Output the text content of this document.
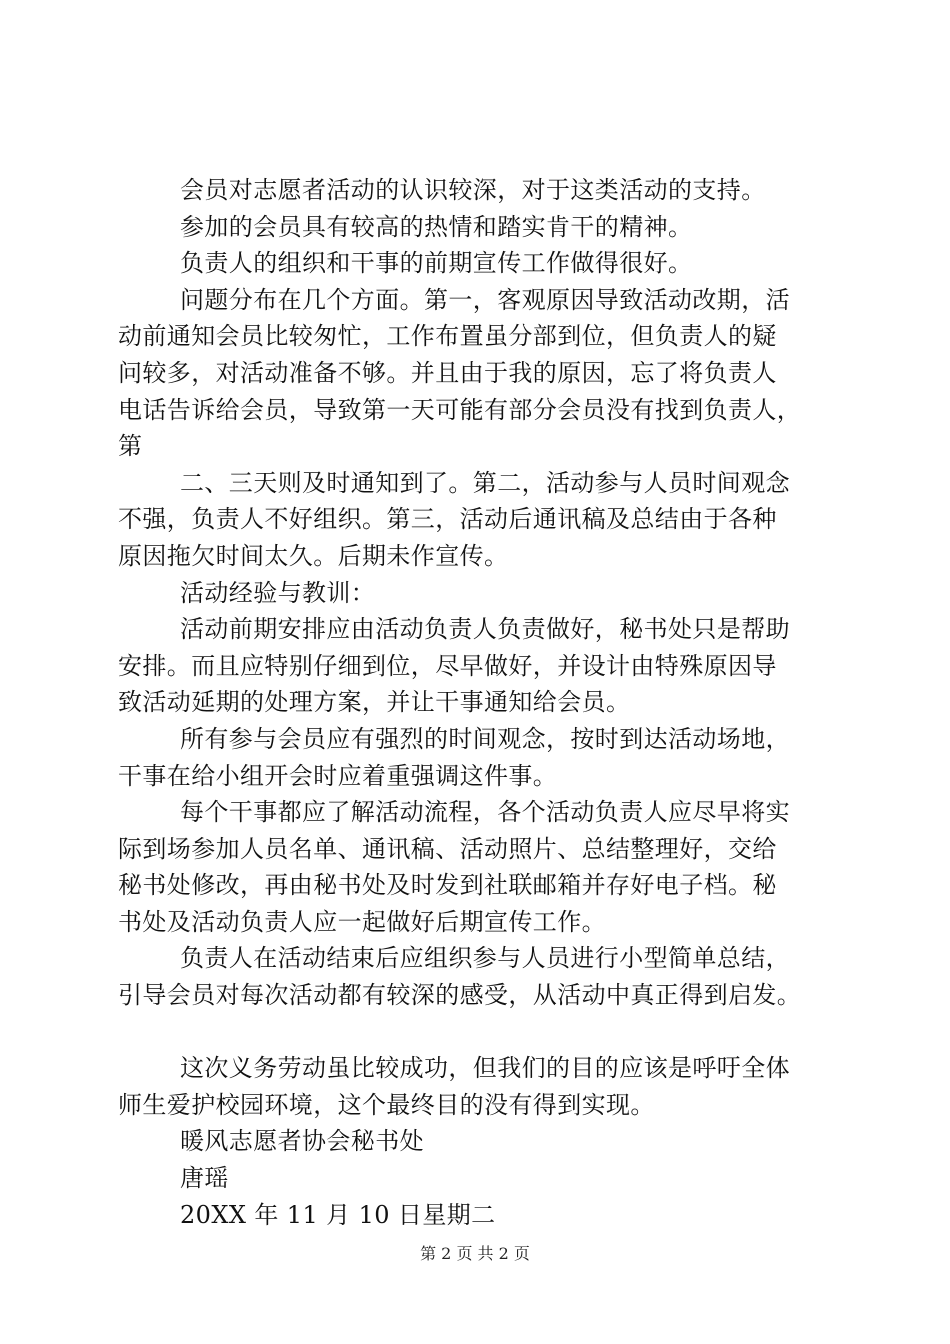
会员对志愿者活动的认识较深，对于这类活动的支持。
参加的会员具有较高的热情和踏实肯干的精神。
负责人的组织和干事的前期宣传工作做得很好。
问题分布在几个方面。第一，客观原因导致活动改期，活
动前通知会员比较匆忙，工作布置虽分部到位，但负责人的疑
问较多，对活动准备不够。并且由于我的原因，忘了将负责人
电话告诉给会员，导致第一天可能有部分会员没有找到负责人，
第
二、三天则及时通知到了。第二，活动参与人员时间观念
不强，负责人不好组织。第三，活动后通讯稿及总结由于各种
原因拖欠时间太久。后期未作宣传。
活动经验与教训：
活动前期安排应由活动负责人负责做好，秘书处只是帮助
安排。而且应特别仔细到位，尽早做好，并设计由特殊原因导
致活动延期的处理方案，并让干事通知给会员。
所有参与会员应有强烈的时间观念，按时到达活动场地，
干事在给小组开会时应着重强调这件事。
每个干事都应了解活动流程，各个活动负责人应尽早将实
际到场参加人员名单、通讯稿、活动照片、总结整理好，交给
秘书处修改，再由秘书处及时发到社联邮箱并存好电子档。秘
书处及活动负责人应一起做好后期宣传工作。
负责人在活动结束后应组织参与人员进行小型简单总结，
引导会员对每次活动都有较深的感受，从活动中真正得到启发。
这次义务劳动虽比较成功，但我们的目的应该是呼吁全体
师生爱护校园环境，这个最终目的没有得到实现。
暖风志愿者协会秘书处
唐瑶
20XX 年 11 月 10 日星期二
第 2 页 共 2 页
